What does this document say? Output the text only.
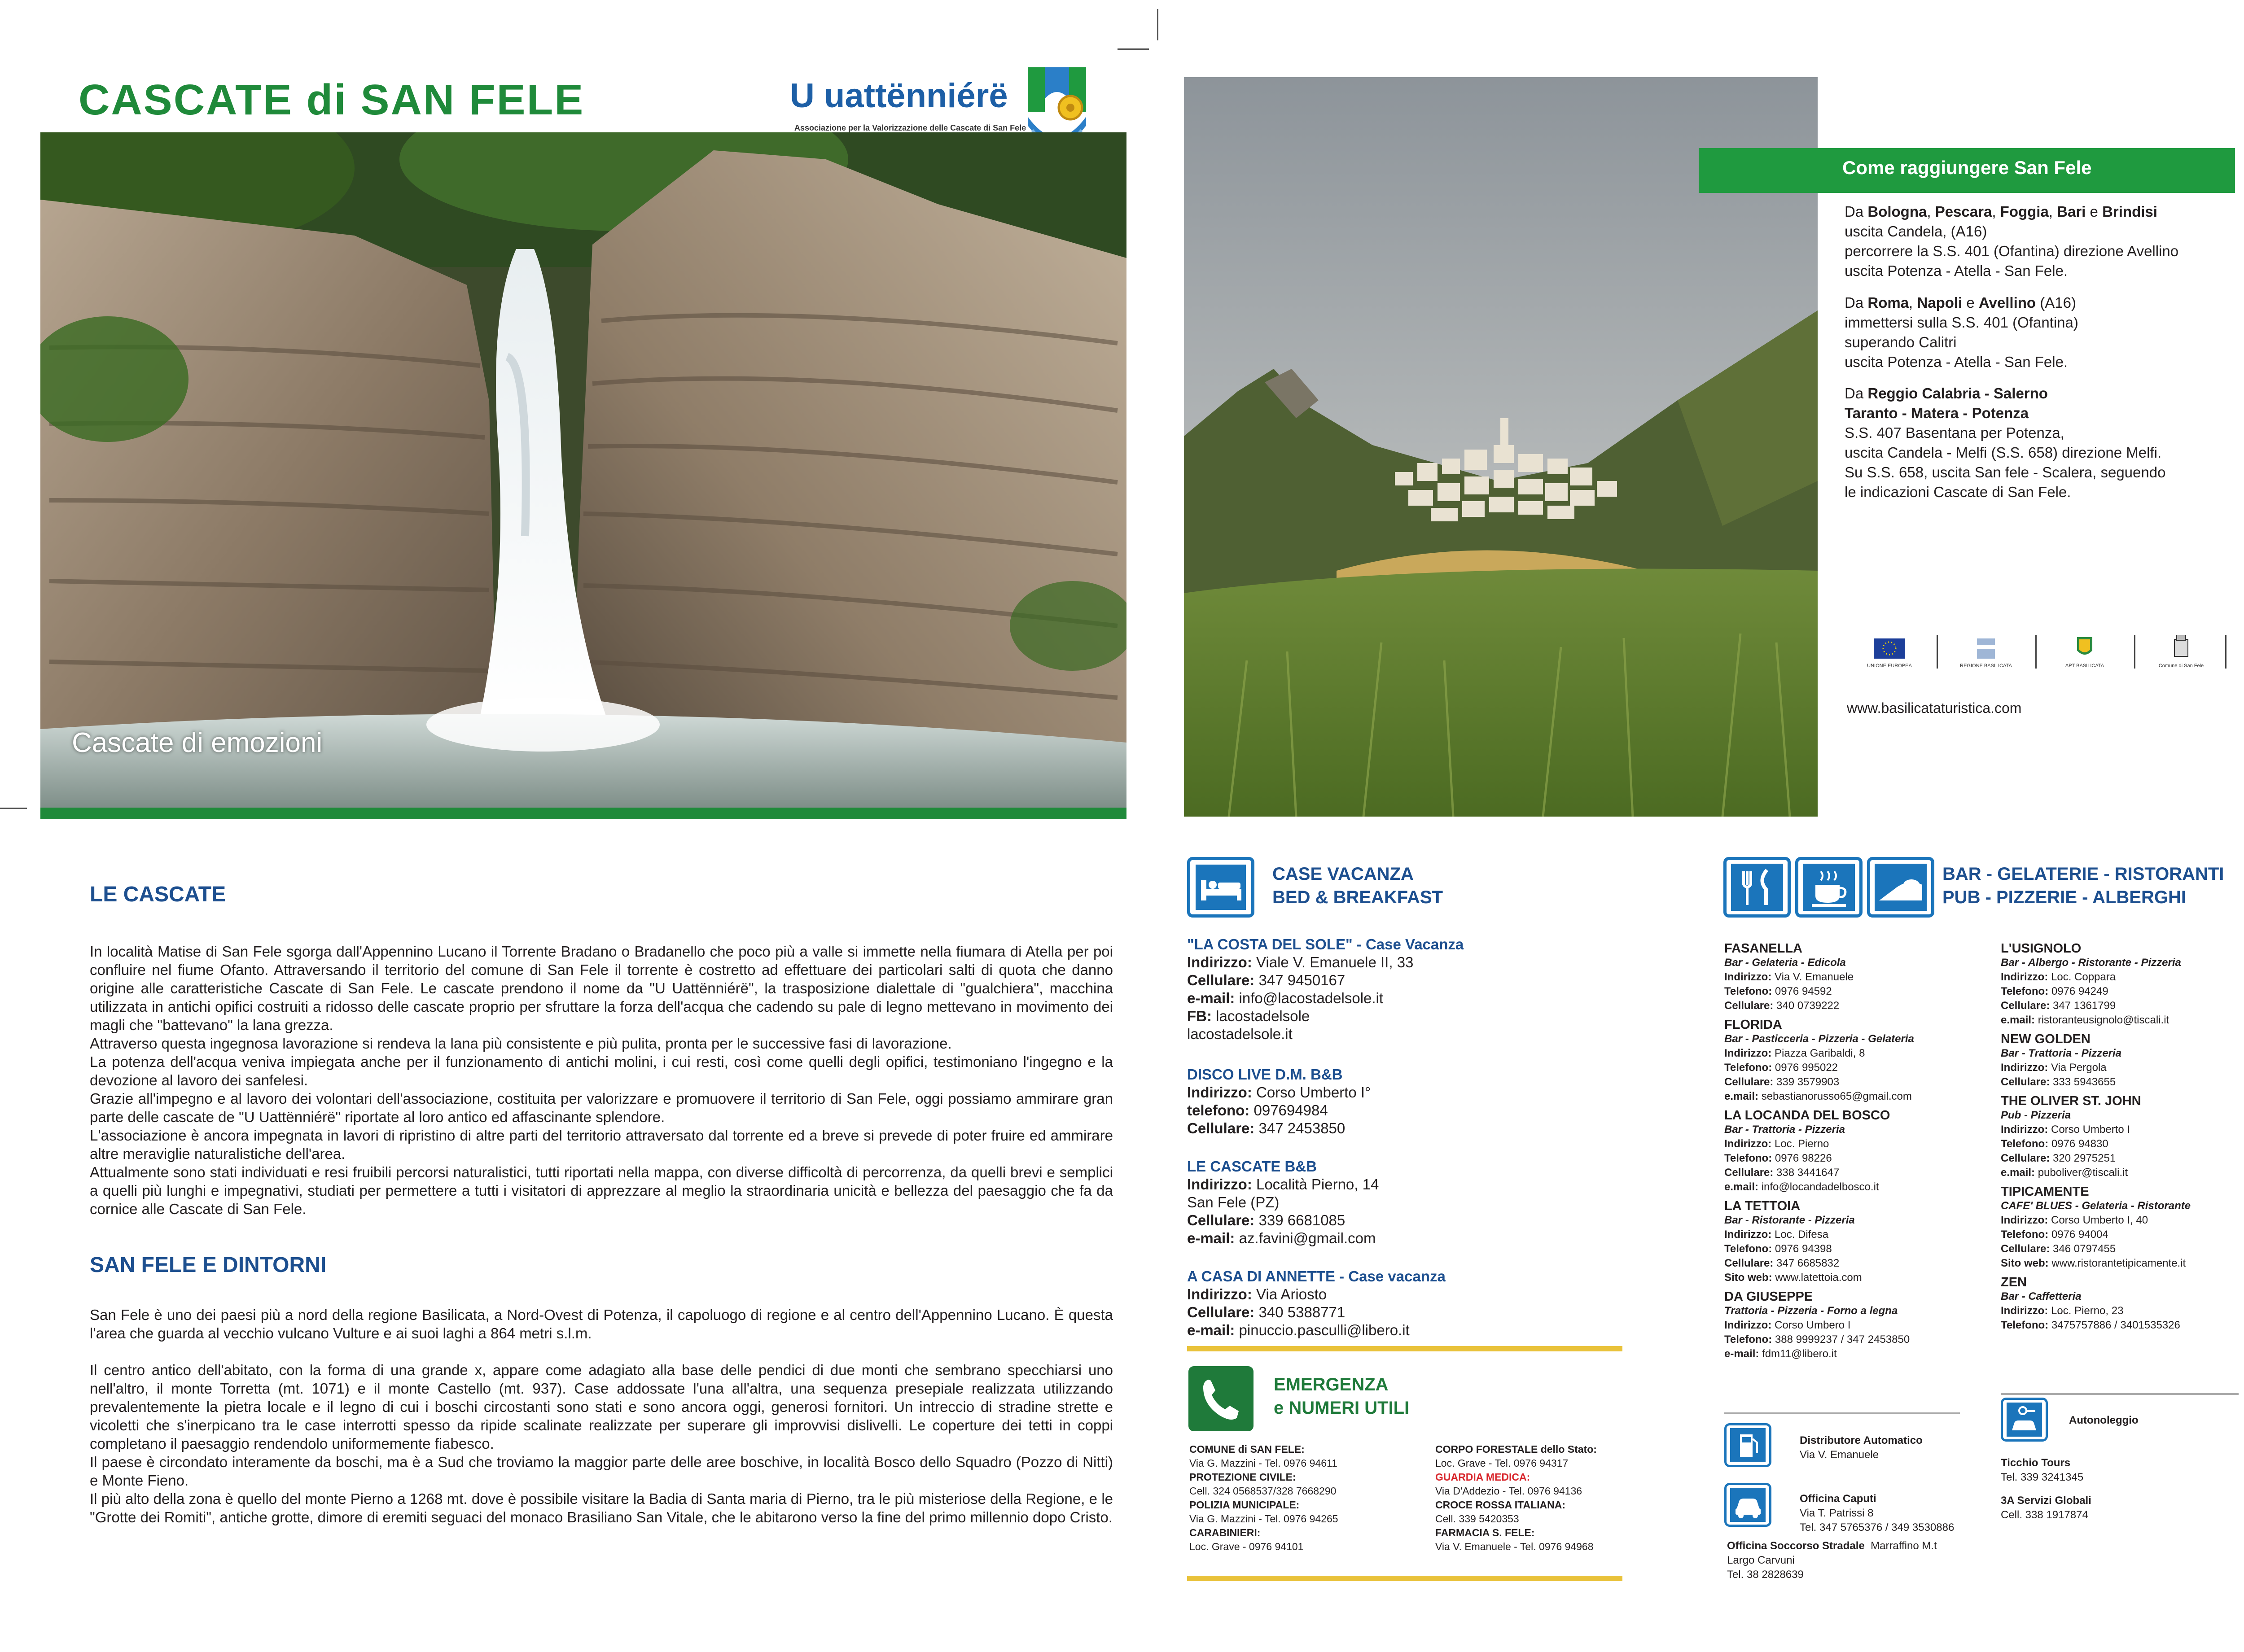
CASCATE di SAN FELE	U uattënniérë
Associazione per la Valorizzazione delle Cascate di San Fele
Cascate di emozioni
Come raggiungere San Fele
Da Bologna, Pescara, Foggia, Bari e Brindisi
uscita Candela, (A16)
percorrere la S.S. 401 (Ofantina) direzione Avellino
uscita Potenza - Atella - San Fele.
Da Roma, Napoli e Avellino (A16)
immettersi sulla S.S. 401 (Ofantina)
superando Calitri
uscita Potenza - Atella - San Fele.
Da Reggio Calabria - Salerno
Taranto - Matera - Potenza
S.S. 407 Basentana per Potenza,
uscita Candela - Melfi (S.S. 658) direzione Melfi.
Su S.S. 658, uscita San fele - Scalera, seguendo
le indicazioni Cascate di San Fele.
UNIONE EUROPEA	REGIONE BASILICATA	APT BASILICATA	Comune di San Fele
www.basilicataturistica.com
LE CASCATE

In località Matise di San Fele sgorga dall'Appennino Lucano il Torrente Bradano o Bradanello che poco più a valle si immette nella fiumara di Atella per poi confluire nel fiume Ofanto. Attraversando il territorio del comune di San Fele il torrente è costretto ad effettuare dei particolari salti di quota che danno origine alle caratteristiche Cascate di San Fele. Le cascate prendono il nome da "U Uattënniérë", la trasposizione dialettale di "gualchiera", macchina utilizzata in antichi opifici costruiti a ridosso delle cascate proprio per sfruttare la forza dell'acqua che cadendo su pale di legno mettevano in movimento dei magli che "battevano" la lana grezza.

Attraverso questa ingegnosa lavorazione si rendeva la lana più consistente e più pulita, pronta per le successive fasi di lavorazione.

La potenza dell'acqua veniva impiegata anche per il funzionamento di antichi molini, i cui resti, così come quelli degli opifici, testimoniano l'ingegno e la devozione al lavoro dei sanfelesi.

Grazie all'impegno e al lavoro dei volontari dell'associazione, costituita per valorizzare e promuovere il territorio di San Fele, oggi possiamo ammirare gran parte delle cascate de "U Uattënniérë" riportate al loro antico ed affascinante splendore.

L'associazione è ancora impegnata in lavori di ripristino di altre parti del territorio attraversato dal torrente ed a breve si prevede di poter fruire ed ammirare altre meraviglie naturalistiche dell'area.

Attualmente sono stati individuati e resi fruibili percorsi naturalistici, tutti riportati nella mappa, con diverse difficoltà di percorrenza, da quelli brevi e semplici a quelli più lunghi e impegnativi, studiati per permettere a tutti i visitatori di apprezzare al meglio la straordinaria unicità e bellezza del paesaggio che fa da cornice alle Cascate di San Fele.

SAN FELE E DINTORNI

San Fele è uno dei paesi più a nord della regione Basilicata, a Nord-Ovest di Potenza, il capoluogo di regione e al centro dell'Appennino Lucano. È questa l'area che guarda al vecchio vulcano Vulture e ai suoi laghi a 864 metri s.l.m.

Il centro antico dell'abitato, con la forma di una grande x, appare come adagiato alla base delle pendici di due monti che sembrano specchiarsi uno nell'altro, il monte Torretta (mt. 1071) e il monte Castello (mt. 937). Case addossate l'una all'altra, una sequenza presepiale realizzata utilizzando prevalentemente la pietra locale e il legno di cui i boschi circostanti sono stati e sono ancora oggi, generosi fornitori. Un intreccio di stradine strette e vicoletti che s'inerpicano tra le case interrotti spesso da ripide scalinate realizzate per superare gli improvvisi dislivelli. Le coperture dei tetti in coppi completano il paesaggio rendendolo uniformemente fiabesco.

Il paese è circondato interamente da boschi, ma è a Sud che troviamo la maggior parte delle aree boschive, in località Bosco dello Squadro (Pozzo di Nitti) e Monte Fieno.

Il più alto della zona è quello del monte Pierno a 1268 mt. dove è possibile visitare la Badia di Santa maria di Pierno, tra le più misteriose della Regione, e le "Grotte dei Romiti", antiche grotte, dimore di eremiti seguaci del monaco Brasiliano San Vitale, che le abitarono verso la fine del primo millennio dopo Cristo.

CASE VACANZA
BED & BREAKFAST
"LA COSTA DEL SOLE" - Case Vacanza
Indirizzo: Viale V. Emanuele II, 33
Cellulare: 347 9450167
e-mail: info@lacostadelsole.it
FB: lacostadelsole
lacostadelsole.it
DISCO LIVE D.M. B&B
Indirizzo: Corso Umberto I°
telefono: 097694984
Cellulare: 347 2453850
LE CASCATE B&B
Indirizzo: Località Pierno, 14
San Fele (PZ)
Cellulare: 339 6681085
e-mail: az.favini@gmail.com
A CASA DI ANNETTE - Case vacanza
Indirizzo: Via Ariosto
Cellulare: 340 5388771
e-mail: pinuccio.pasculli@libero.it
EMERGENZA
e NUMERI UTILI
COMUNE di SAN FELE:
Via G. Mazzini - Tel. 0976 94611
PROTEZIONE CIVILE:
Cell. 324 0568537/328 7668290
POLIZIA MUNICIPALE:
Via G. Mazzini - Tel. 0976 94265
CARABINIERI:
Loc. Grave - 0976 94101
CORPO FORESTALE dello Stato:
Loc. Grave - Tel. 0976 94317
GUARDIA MEDICA:
Via D'Addezio - Tel. 0976 94136
CROCE ROSSA ITALIANA:
Cell. 339 5420353
FARMACIA S. FELE:
Via V. Emanuele - Tel. 0976 94968
BAR - GELATERIE - RISTORANTI
PUB - PIZZERIE - ALBERGHI
FASANELLA
Bar - Gelateria - Edicola
Indirizzo: Via V. Emanuele
Telefono: 0976 94592
Cellulare: 340 0739222
FLORIDA
Bar - Pasticceria - Pizzeria - Gelateria
Indirizzo: Piazza Garibaldi, 8
Telefono: 0976 995022
Cellulare: 339 3579903
e.mail: sebastianorusso65@gmail.com
LA LOCANDA DEL BOSCO
Bar - Trattoria - Pizzeria
Indirizzo: Loc. Pierno
Telefono: 0976 98226
Cellulare: 338 3441647
e.mail: info@locandadelbosco.it
LA TETTOIA
Bar - Ristorante - Pizzeria
Indirizzo: Loc. Difesa
Telefono: 0976 94398
Cellulare: 347 6685832
Sito web: www.latettoia.com
DA GIUSEPPE
Trattoria - Pizzeria - Forno a legna
Indirizzo: Corso Umbero I
Telefono: 388 9999237 / 347 2453850
e-mail: fdm11@libero.it
L'USIGNOLO
Bar - Albergo - Ristorante - Pizzeria
Indirizzo: Loc. Coppara
Telefono: 0976 94249
Cellulare: 347 1361799
e.mail: ristoranteusignolo@tiscali.it
NEW GOLDEN
Bar - Trattoria - Pizzeria
Indirizzo: Via Pergola
Cellulare: 333 5943655
THE OLIVER ST. JOHN
Pub - Pizzeria
Indirizzo: Corso Umberto I
Telefono: 0976 94830
Cellulare: 320 2975251
e.mail: puboliver@tiscali.it
TIPICAMENTE
CAFE' BLUES - Gelateria - Ristorante
Indirizzo: Corso Umberto I, 40
Telefono: 0976 94004
Cellulare: 346 0797455
Sito web: www.ristorantetipicamente.it
ZEN
Bar - Caffetteria
Indirizzo: Loc. Pierno, 23
Telefono: 3475757886 / 3401535326
Distributore Automatico
Via V. Emanuele
Officina Caputi
Via T. Patrissi 8
Tel. 347 5765376 / 349 3530886
Officina Soccorso Stradale Marraffino M.t
Largo Carvuni
Tel. 38 2828639
Autonoleggio
Ticchio Tours
Tel. 339 3241345
3A Servizi Globali
Cell. 338 1917874
